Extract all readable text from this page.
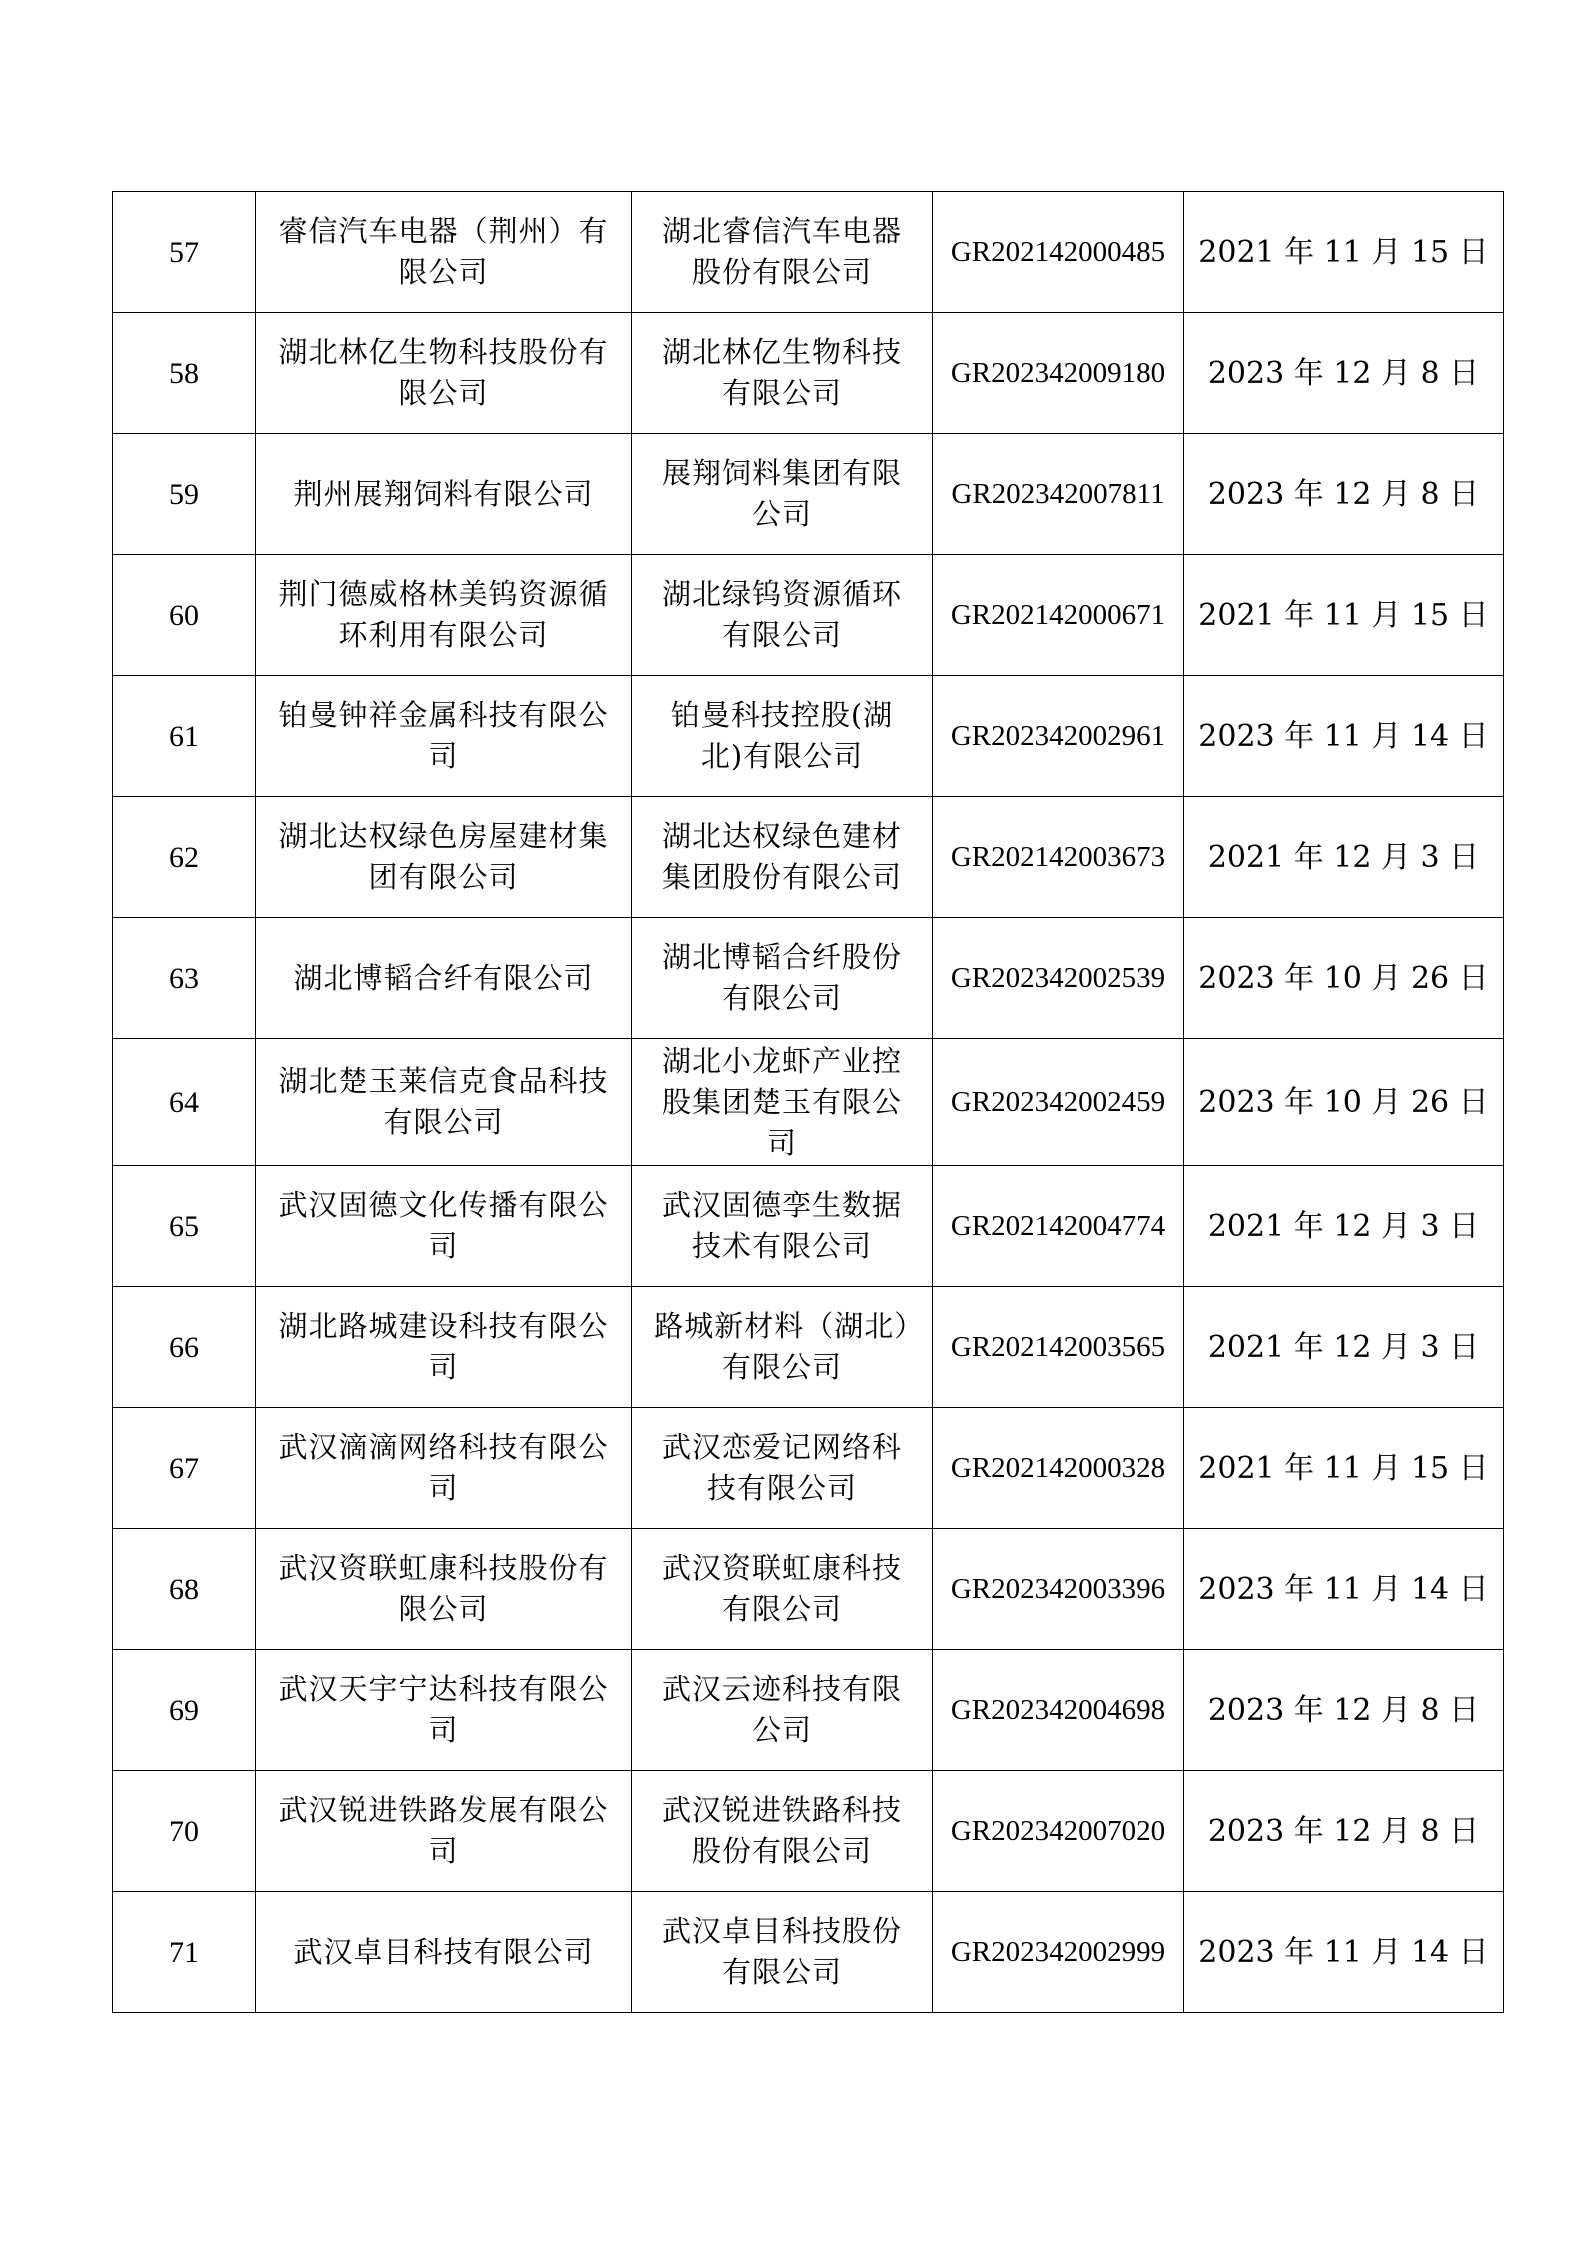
57	睿信汽车电器（荆州）有限公司	湖北睿信汽车电器股份有限公司	GR202142000485	2021 年 11 月 15 日
58	湖北林亿生物科技股份有限公司	湖北林亿生物科技有限公司	GR202342009180	2023 年 12 月 8 日
59	荆州展翔饲料有限公司	展翔饲料集团有限公司	GR202342007811	2023 年 12 月 8 日
60	荆门德威格林美钨资源循环利用有限公司	湖北绿钨资源循环有限公司	GR202142000671	2021 年 11 月 15 日
61	铂曼钟祥金属科技有限公司	铂曼科技控股(湖北)有限公司	GR202342002961	2023 年 11 月 14 日
62	湖北达权绿色房屋建材集团有限公司	湖北达权绿色建材集团股份有限公司	GR202142003673	2021 年 12 月 3 日
63	湖北博韬合纤有限公司	湖北博韬合纤股份有限公司	GR202342002539	2023 年 10 月 26 日
64	湖北楚玉莱信克食品科技有限公司	湖北小龙虾产业控股集团楚玉有限公司	GR202342002459	2023 年 10 月 26 日
65	武汉固德文化传播有限公司	武汉固德孪生数据技术有限公司	GR202142004774	2021 年 12 月 3 日
66	湖北路城建设科技有限公司	路城新材料（湖北）有限公司	GR202142003565	2021 年 12 月 3 日
67	武汉滴滴网络科技有限公司	武汉恋爱记网络科技有限公司	GR202142000328	2021 年 11 月 15 日
68	武汉资联虹康科技股份有限公司	武汉资联虹康科技有限公司	GR202342003396	2023 年 11 月 14 日
69	武汉天宇宁达科技有限公司	武汉云迹科技有限公司	GR202342004698	2023 年 12 月 8 日
70	武汉锐进铁路发展有限公司	武汉锐进铁路科技股份有限公司	GR202342007020	2023 年 12 月 8 日
71	武汉卓目科技有限公司	武汉卓目科技股份有限公司	GR202342002999	2023 年 11 月 14 日
